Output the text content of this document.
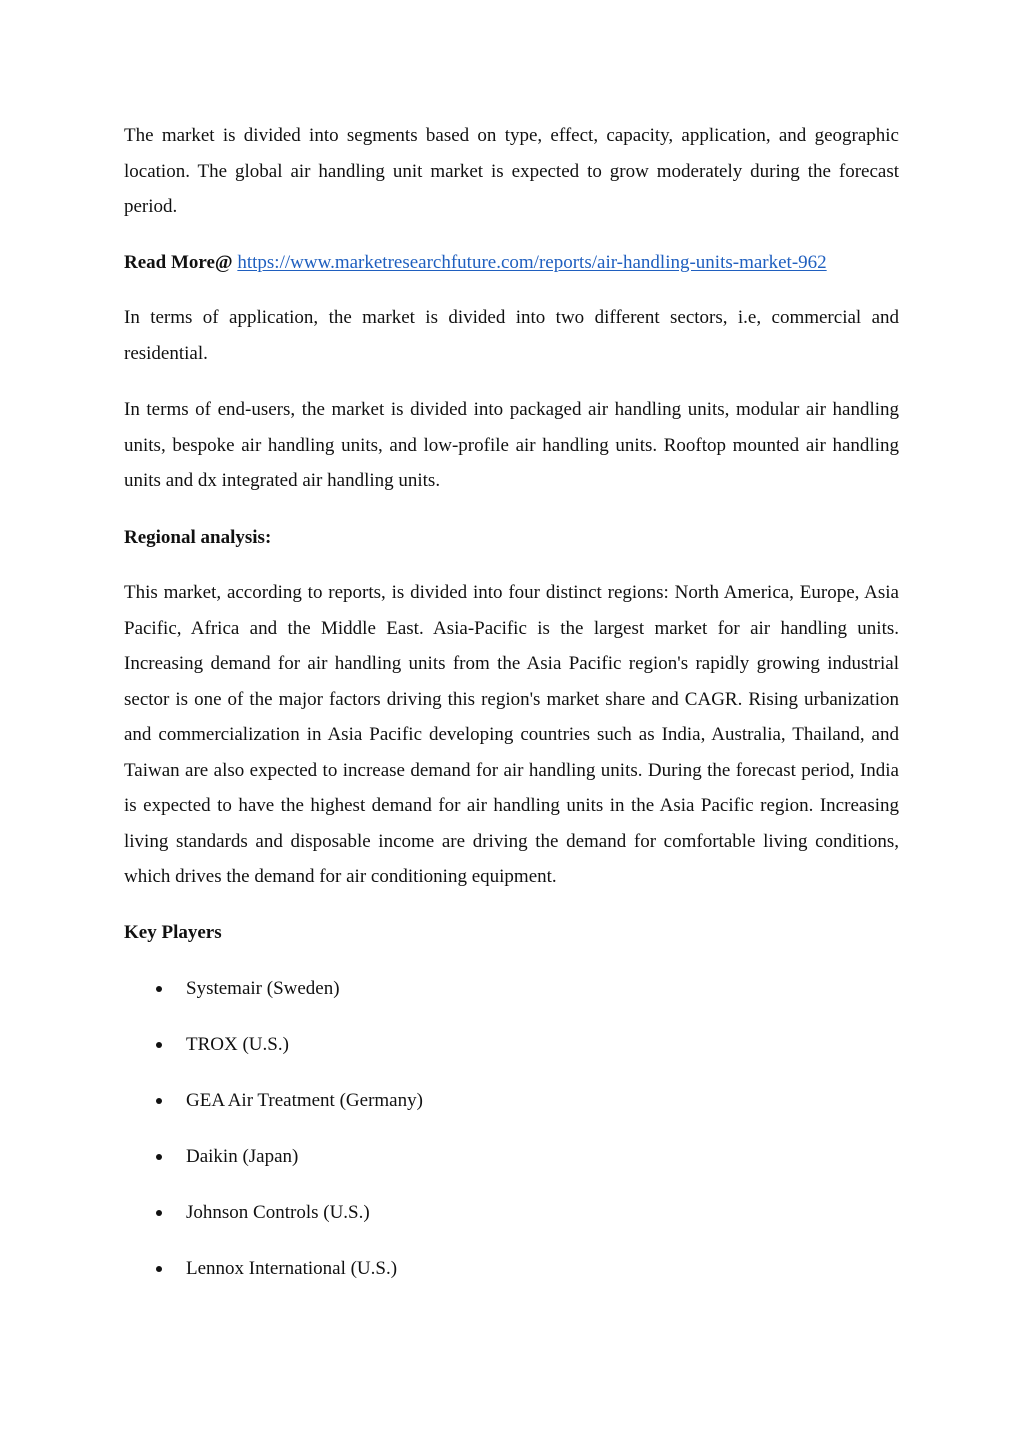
The market is divided into segments based on type, effect, capacity, application, and geographic location. The global air handling unit market is expected to grow moderately during the forecast period.

Read More@ https://www.marketresearchfuture.com/reports/air-handling-units-market-962

In terms of application, the market is divided into two different sectors, i.e, commercial and residential.

In terms of end-users, the market is divided into packaged air handling units, modular air handling units, bespoke air handling units, and low-profile air handling units. Rooftop mounted air handling units and dx integrated air handling units.

Regional analysis:

This market, according to reports, is divided into four distinct regions: North America, Europe, Asia Pacific, Africa and the Middle East. Asia-Pacific is the largest market for air handling units. Increasing demand for air handling units from the Asia Pacific region's rapidly growing industrial sector is one of the major factors driving this region's market share and CAGR. Rising urbanization and commercialization in Asia Pacific developing countries such as India, Australia, Thailand, and Taiwan are also expected to increase demand for air handling units. During the forecast period, India is expected to have the highest demand for air handling units in the Asia Pacific region. Increasing living standards and disposable income are driving the demand for comfortable living conditions, which drives the demand for air conditioning equipment.

Key Players
Systemair (Sweden)
TROX (U.S.)
GEA Air Treatment (Germany)
Daikin (Japan)
Johnson Controls (U.S.)
Lennox International (U.S.)
